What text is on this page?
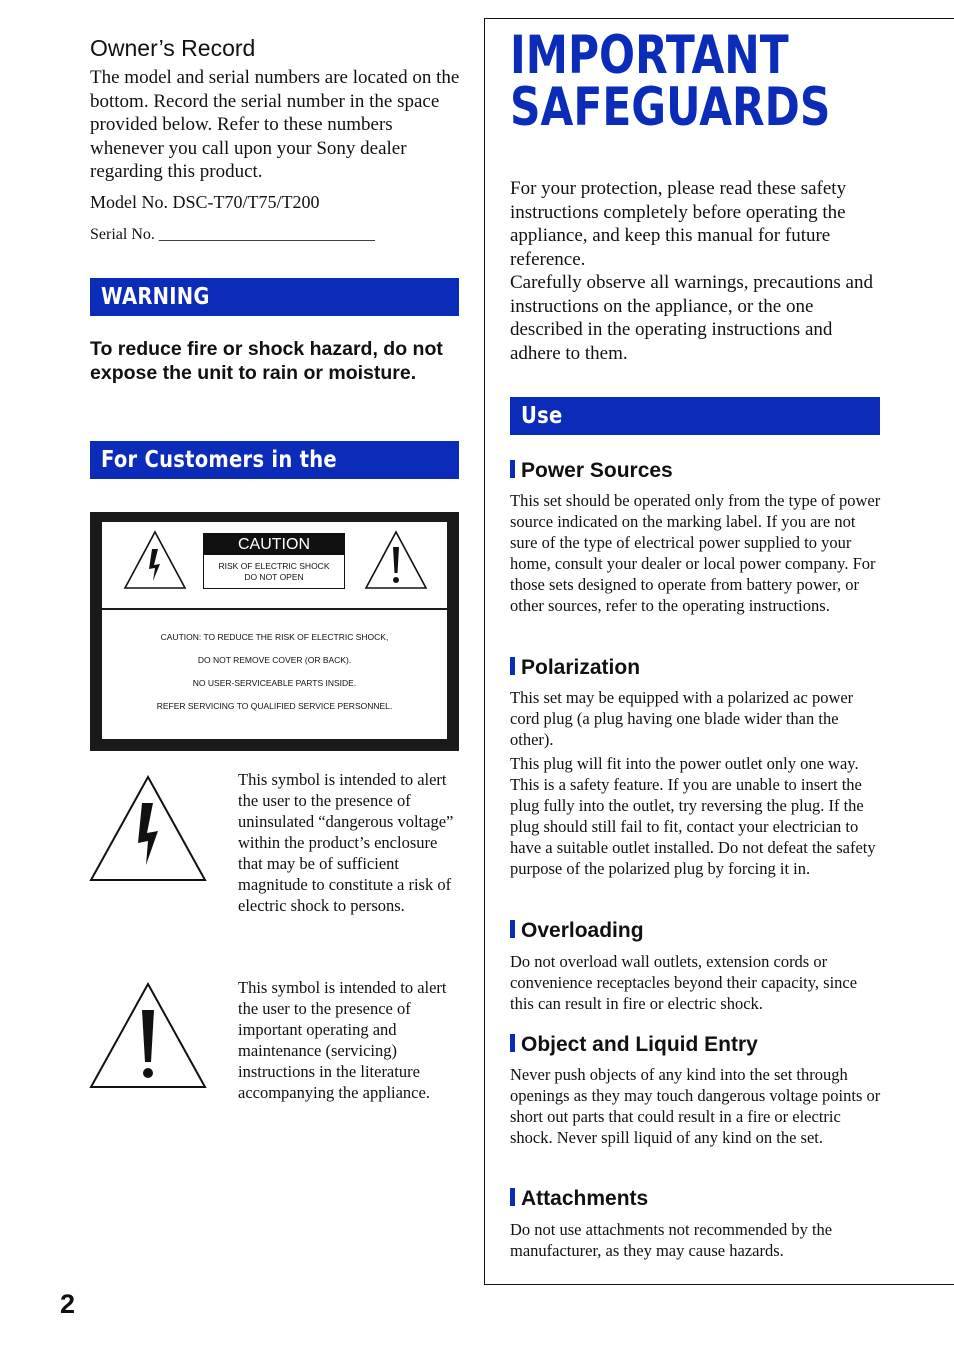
Owner’s Record
The model and serial numbers are located on the bottom. Record the serial number in the space provided below. Refer to these numbers whenever you call upon your Sony dealer regarding this product.
Model No. DSC-T70/T75/T200
Serial No. ___________________________
WARNING
To reduce fire or shock hazard, do not expose the unit to rain or moisture.
For Customers in the U.S.A.
CAUTION
RISK OF ELECTRIC SHOCK
DO NOT OPEN
CAUTION: TO REDUCE THE RISK OF ELECTRIC SHOCK,
DO NOT REMOVE COVER (OR BACK).
NO USER-SERVICEABLE PARTS INSIDE.
REFER SERVICING TO QUALIFIED SERVICE PERSONNEL.
This symbol is intended to alert the user to the presence of uninsulated “dangerous voltage” within the product’s enclosure that may be of sufficient magnitude to constitute a risk of electric shock to persons.
This symbol is intended to alert the user to the presence of important operating and maintenance (servicing) instructions in the literature accompanying the appliance.
IMPORTANT
SAFEGUARDS
For your protection, please read these safety instructions completely before operating the appliance, and keep this manual for future reference.
Carefully observe all warnings, precautions and instructions on the appliance, or the one described in the operating instructions and adhere to them.
Use
Power Sources

This set should be operated only from the type of power source indicated on the marking label. If you are not sure of the type of electrical power supplied to your home, consult your dealer or local power company. For those sets designed to operate from battery power, or other sources, refer to the operating instructions.

Polarization

This set may be equipped with a polarized ac power cord plug (a plug having one blade wider than the other).

This plug will fit into the power outlet only one way. This is a safety feature. If you are unable to insert the plug fully into the outlet, try reversing the plug. If the plug should still fail to fit, contact your electrician to have a suitable outlet installed. Do not defeat the safety purpose of the polarized plug by forcing it in.

Overloading

Do not overload wall outlets, extension cords or convenience receptacles beyond their capacity, since this can result in fire or electric shock.

Object and Liquid Entry

Never push objects of any kind into the set through openings as they may touch dangerous voltage points or short out parts that could result in a fire or electric shock. Never spill liquid of any kind on the set.

Attachments

Do not use attachments not recommended by the manufacturer, as they may cause hazards.

2
